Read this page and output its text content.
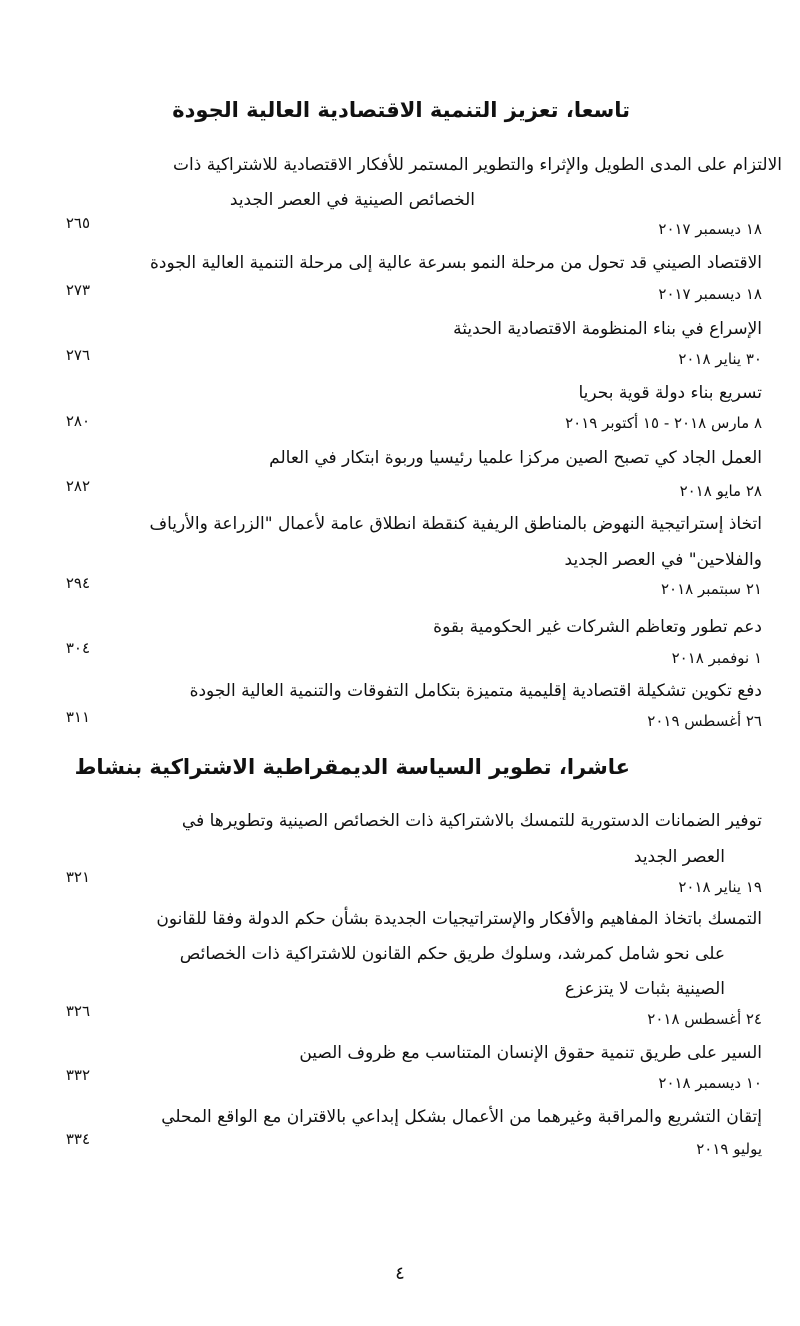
تاسعا، تعزيز التنمية الاقتصادية العالية الجودة
الالتزام على المدى الطويل والإثراء والتطوير المستمر للأفكار الاقتصادية للاشتراكية ذات
الخصائص الصينية في العصر الجديد
١٨ ديسمبر ٢٠١٧
٢٦٥
الاقتصاد الصيني قد تحول من مرحلة النمو بسرعة عالية إلى مرحلة التنمية العالية الجودة
١٨ ديسمبر ٢٠١٧
٢٧٣
الإسراع في بناء المنظومة الاقتصادية الحديثة
٣٠ يناير ٢٠١٨
٢٧٦
تسريع بناء دولة قوية بحريا
٨ مارس ٢٠١٨ - ١٥ أكتوبر ٢٠١٩
٢٨٠
العمل الجاد كي تصبح الصين مركزا علميا رئيسيا وربوة ابتكار في العالم
٢٨ مايو ٢٠١٨
٢٨٢
اتخاذ إستراتيجية النهوض بالمناطق الريفية كنقطة انطلاق عامة لأعمال "الزراعة والأرياف
والفلاحين" في العصر الجديد
٢١ سبتمبر ٢٠١٨
٢٩٤
دعم تطور وتعاظم الشركات غير الحكومية بقوة
١ نوفمبر ٢٠١٨
٣٠٤
دفع تكوين تشكيلة اقتصادية إقليمية متميزة بتكامل التفوقات والتنمية العالية الجودة
٢٦ أغسطس ٢٠١٩
٣١١
عاشرا، تطوير السياسة الديمقراطية الاشتراكية بنشاط
توفير الضمانات الدستورية للتمسك بالاشتراكية ذات الخصائص الصينية وتطويرها في
العصر الجديد
١٩ يناير ٢٠١٨
٣٢١
التمسك باتخاذ المفاهيم والأفكار والإستراتيجيات الجديدة بشأن حكم الدولة وفقا للقانون
على نحو شامل كمرشد، وسلوك طريق حكم القانون للاشتراكية ذات الخصائص
الصينية بثبات لا يتزعزع
٢٤ أغسطس ٢٠١٨
٣٢٦
السير على طريق تنمية حقوق الإنسان المتناسب مع ظروف الصين
١٠ ديسمبر ٢٠١٨
٣٣٢
إتقان التشريع والمراقبة وغيرهما من الأعمال بشكل إبداعي بالاقتران مع الواقع المحلي
يوليو ٢٠١٩
٣٣٤
٤
